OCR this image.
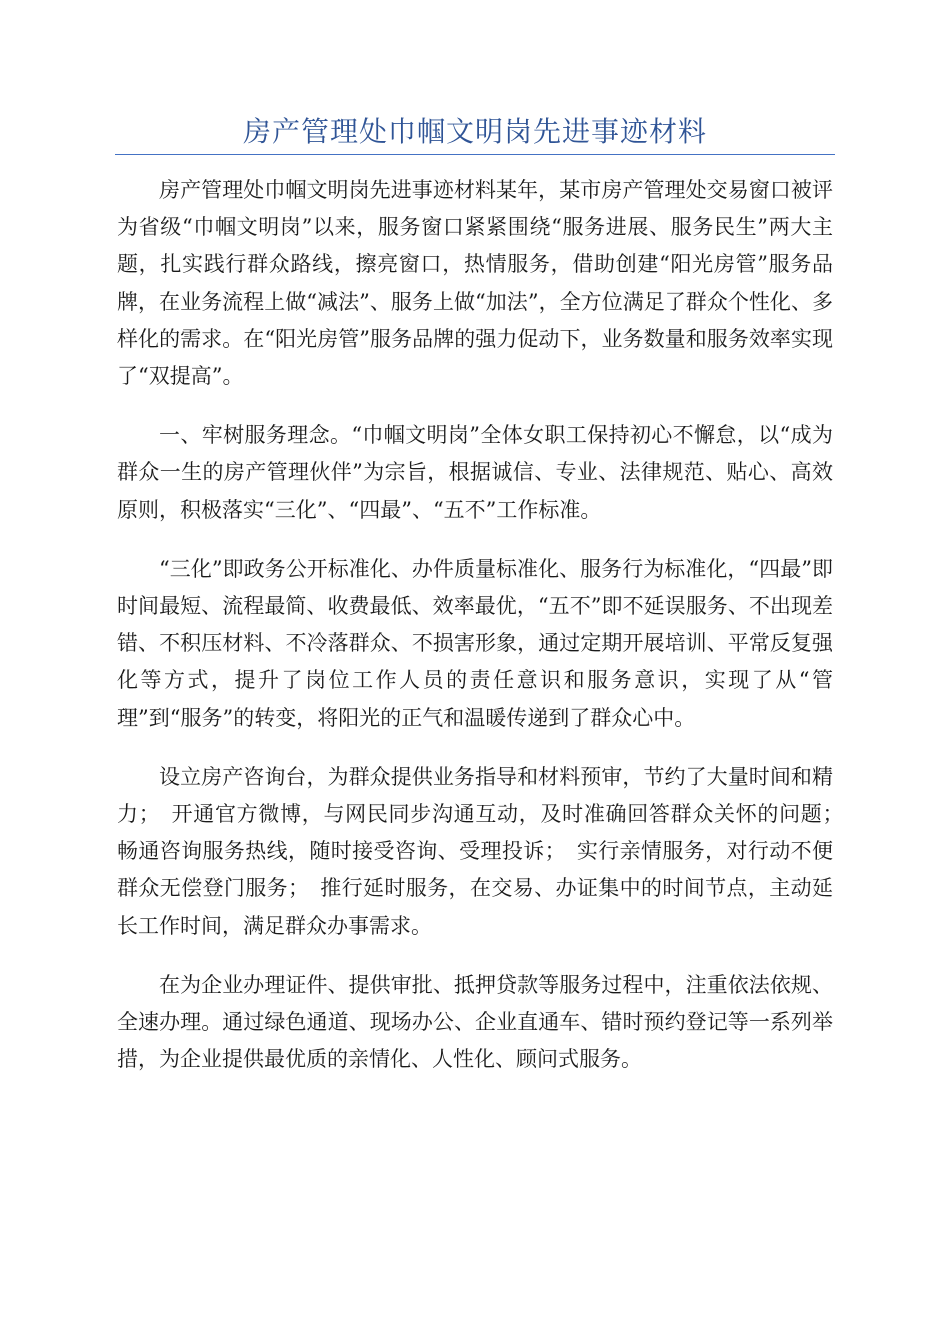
房产管理处巾帼文明岗先进事迹材料

房产管理处巾帼文明岗先进事迹材料某年，某市房产管理处交易窗口被评为省级“巾帼文明岗”以来，服务窗口紧紧围绕“服务进展、服务民生”两大主题，扎实践行群众路线，擦亮窗口，热情服务，借助创建“阳光房管”服务品牌，在业务流程上做“减法”、服务上做“加法”，全方位满足了群众个性化、多样化的需求。在“阳光房管”服务品牌的强力促动下，业务数量和服务效率实现了“双提高”。

一、牢树服务理念。“巾帼文明岗”全体女职工保持初心不懈怠，以“成为群众一生的房产管理伙伴”为宗旨，根据诚信、专业、法律规范、贴心、高效原则，积极落实“三化”、“四最”、“五不”工作标准。

“三化”即政务公开标准化、办件质量标准化、服务行为标准化，“四最”即时间最短、流程最简、收费最低、效率最优，“五不”即不延误服务、不出现差错、不积压材料、不冷落群众、不损害形象，通过定期开展培训、平常反复强化等方式，提升了岗位工作人员的责任意识和服务意识，实现了从“管理”到“服务”的转变，将阳光的正气和温暖传递到了群众心中。

设立房产咨询台，为群众提供业务指导和材料预审，节约了大量时间和精力；　开通官方微博，与网民同步沟通互动，及时准确回答群众关怀的问题；　畅通咨询服务热线，随时接受咨询、受理投诉；　实行亲情服务，对行动不便群众无偿登门服务；　推行延时服务，在交易、办证集中的时间节点，主动延长工作时间，满足群众办事需求。

在为企业办理证件、提供审批、抵押贷款等服务过程中，注重依法依规、全速办理。通过绿色通道、现场办公、企业直通车、错时预约登记等一系列举措，为企业提供最优质的亲情化、人性化、顾问式服务。
